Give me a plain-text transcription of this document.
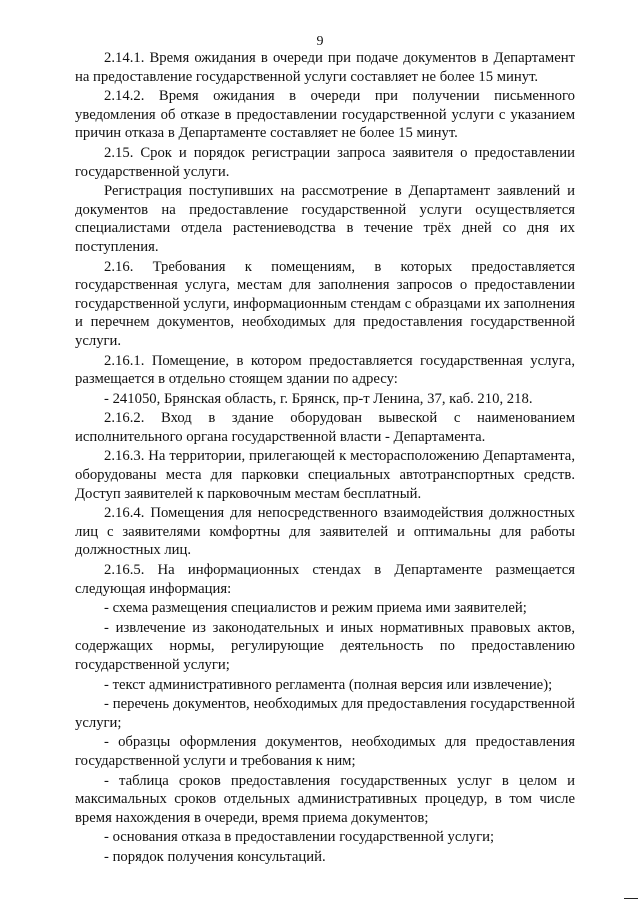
9

2.14.1. Время ожидания в очереди при подаче документов в Департамент на предоставление государственной услуги составляет не более 15 минут.

2.14.2. Время ожидания в очереди при получении письменного уведомления об отказе в предоставлении государственной услуги с указанием причин отказа в Департаменте составляет не более 15 минут.

2.15. Срок и порядок регистрации запроса заявителя о предоставлении государственной услуги.

Регистрация поступивших на рассмотрение в Департамент заявлений и документов на предоставление государственной услуги осуществляется специалистами отдела растениеводства в течение трёх дней со дня их поступления.

2.16. Требования к помещениям, в которых предоставляется государственная услуга, местам для заполнения запросов о предоставлении государственной услуги, информационным стендам с образцами их заполнения и перечнем документов, необходимых для предоставления государственной услуги.

2.16.1. Помещение, в котором предоставляется государственная услуга, размещается в отдельно стоящем здании по адресу:

- 241050, Брянская область, г. Брянск, пр-т Ленина, 37, каб. 210, 218.

2.16.2. Вход в здание оборудован вывеской с наименованием исполнительного органа государственной власти - Департамента.

2.16.3. На территории, прилегающей к месторасположению Департамента, оборудованы места для парковки специальных автотранспортных средств. Доступ заявителей к парковочным местам бесплатный.

2.16.4. Помещения для непосредственного взаимодействия должностных лиц с заявителями комфортны для заявителей и оптимальны для работы должностных лиц.

2.16.5. На информационных стендах в Департаменте размещается следующая информация:

- схема размещения специалистов и режим приема ими заявителей;

- извлечение из законодательных и иных нормативных правовых актов, содержащих нормы, регулирующие деятельность по предоставлению государственной услуги;

- текст административного регламента (полная версия или извлечение);

- перечень документов, необходимых для предоставления государственной услуги;

- образцы оформления документов, необходимых для предоставления государственной услуги и требования к ним;

- таблица сроков предоставления государственных услуг в целом и максимальных сроков отдельных административных процедур, в том числе время нахождения в очереди, время приема документов;

- основания отказа в предоставлении государственной услуги;

- порядок получения консультаций.
